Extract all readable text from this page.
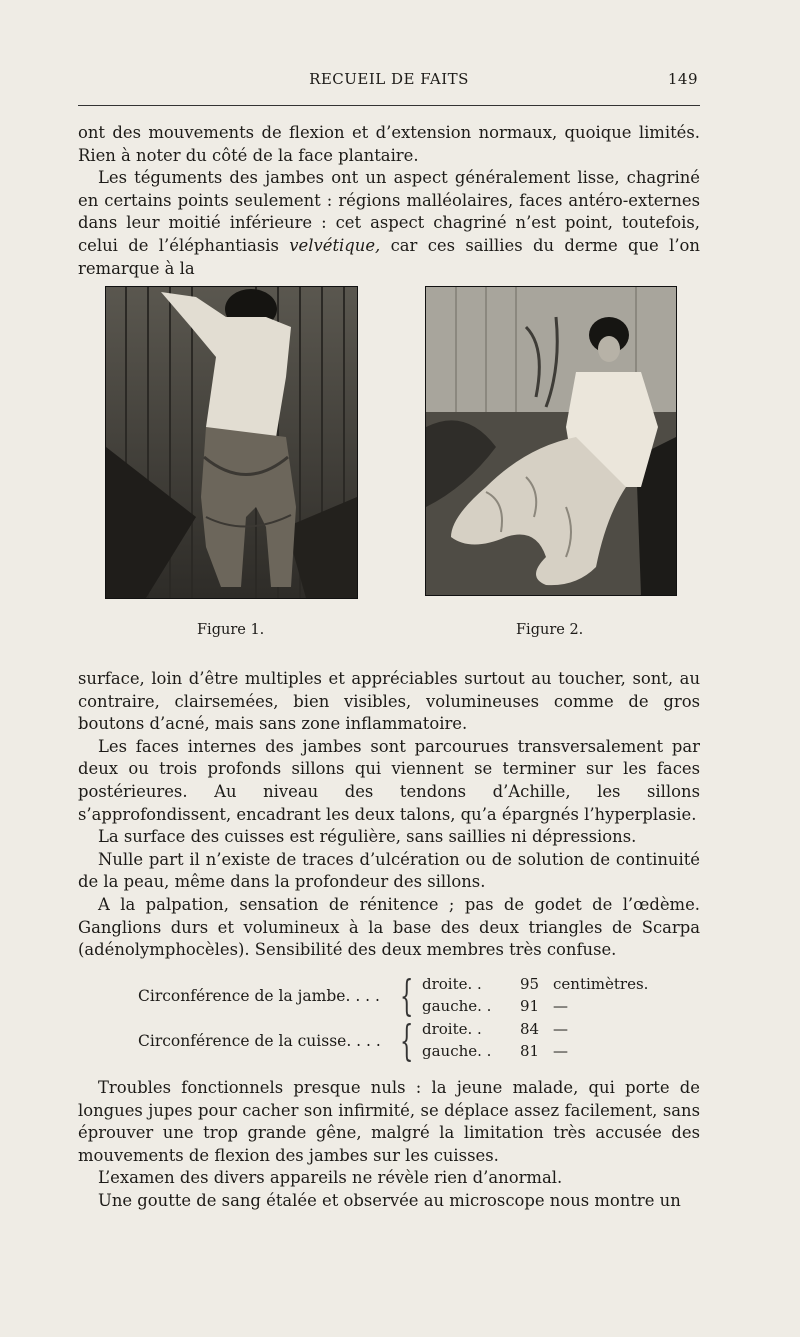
RECUEIL DE FAITS	149

ont des mouvements de flexion et d’extension normaux, quoique limités. Rien à noter du côté de la face plantaire.

Les téguments des jambes ont un aspect généralement lisse, chagriné en certains points seulement : régions malléolaires, faces antéro-externes dans leur moitié inférieure : cet aspect chagriné n’est point, toutefois, celui de l’éléphantiasis velvétique, car ces saillies du derme que l’on remarque à la

Figure 1.	Figure 2.

surface, loin d’être multiples et appréciables surtout au toucher, sont, au contraire, clairsemées, bien visibles, volumineuses comme de gros boutons d’acné, mais sans zone inflammatoire.

Les faces internes des jambes sont parcourues transversalement par deux ou trois profonds sillons qui viennent se terminer sur les faces postérieures. Au niveau des tendons d’Achille, les sillons s’approfondissent, encadrant les deux talons, qu’a épargnés l’hyperplasie.

La surface des cuisses est régulière, sans saillies ni dépressions.

Nulle part il n’existe de traces d’ulcération ou de solution de continuité de la peau, même dans la profondeur des sillons.

A la palpation, sensation de rénitence ; pas de godet de l’œdème. Ganglions durs et volumineux à la base des deux triangles de Scarpa (adénolymphocèles). Sensibilité des deux membres très confuse.

Circonférence de la jambe. . . . { droite. .	95 centimètres.
gauche. . 91 —
Circonférence de la cuisse. . . . { droite. .	84 —
gauche. . 81 —

Troubles fonctionnels presque nuls : la jeune malade, qui porte de longues jupes pour cacher son infirmité, se déplace assez facilement, sans éprouver une trop grande gêne, malgré la limitation très accusée des mouvements de flexion des jambes sur les cuisses.

L’examen des divers appareils ne révèle rien d’anormal.

Une goutte de sang étalée et observée au microscope nous montre un
